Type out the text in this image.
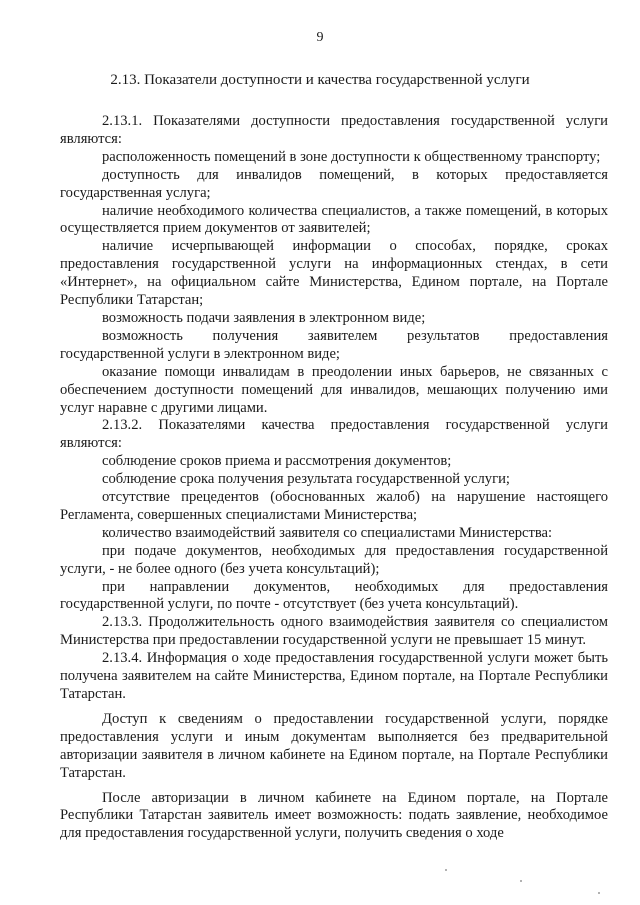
9
2.13. Показатели доступности и качества государственной услуги

2.13.1. Показателями доступности предоставления государственной услуги являются:

расположенность помещений в зоне доступности к общественному транспорту;

доступность для инвалидов помещений, в которых предоставляется государственная услуга;

наличие необходимого количества специалистов, а также помещений, в которых осуществляется прием документов от заявителей;

наличие исчерпывающей информации о способах, порядке, сроках предоставления государственной услуги на информационных стендах, в сети «Интернет», на официальном сайте Министерства, Едином портале, на Портале Республики Татарстан;

возможность подачи заявления в электронном виде;

возможность получения заявителем результатов предоставления государственной услуги в электронном виде;

оказание помощи инвалидам в преодолении иных барьеров, не связанных с обеспечением доступности помещений для инвалидов, мешающих получению ими услуг наравне с другими лицами.

2.13.2. Показателями качества предоставления государственной услуги являются:

соблюдение сроков приема и рассмотрения документов;

соблюдение срока получения результата государственной услуги;

отсутствие прецедентов (обоснованных жалоб) на нарушение настоящего Регламента, совершенных специалистами Министерства;

количество взаимодействий заявителя со специалистами Министерства:

при подаче документов, необходимых для предоставления государственной услуги, - не более одного (без учета консультаций);

при направлении документов, необходимых для предоставления государственной услуги, по почте - отсутствует (без учета консультаций).

2.13.3. Продолжительность одного взаимодействия заявителя со специалистом Министерства при предоставлении государственной услуги не превышает 15 минут.

2.13.4. Информация о ходе предоставления государственной услуги может быть получена заявителем на сайте Министерства, Едином портале, на Портале Республики Татарстан.

Доступ к сведениям о предоставлении государственной услуги, порядке предоставления услуги и иным документам выполняется без предварительной авторизации заявителя в личном кабинете на Едином портале, на Портале Республики Татарстан.

После авторизации в личном кабинете на Едином портале, на Портале Республики Татарстан заявитель имеет возможность: подать заявление, необходимое для предоставления государственной услуги, получить сведения о ходе
